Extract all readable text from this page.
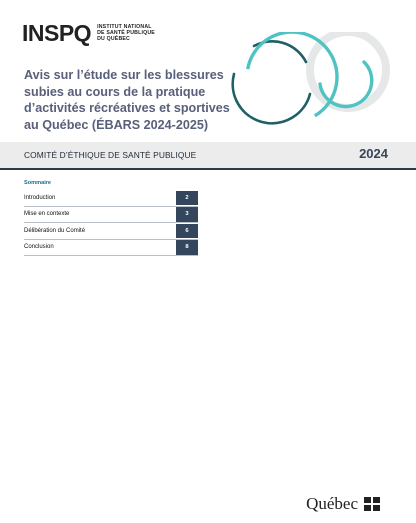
INSPQ INSTITUT NATIONAL
DE SANTÉ PUBLIQUE
DU QUÉBEC
Avis sur l’étude sur les blessures subies au cours de la pratique d’activités récréatives et sportives au Québec (ÉBARS 2024-2025)
COMITÉ D’ÉTHIQUE DE SANTÉ PUBLIQUE	2024
Sommaire
Introduction	2
Mise en contexte	3
Délibération du Comité	6
Conclusion	8
Québec
